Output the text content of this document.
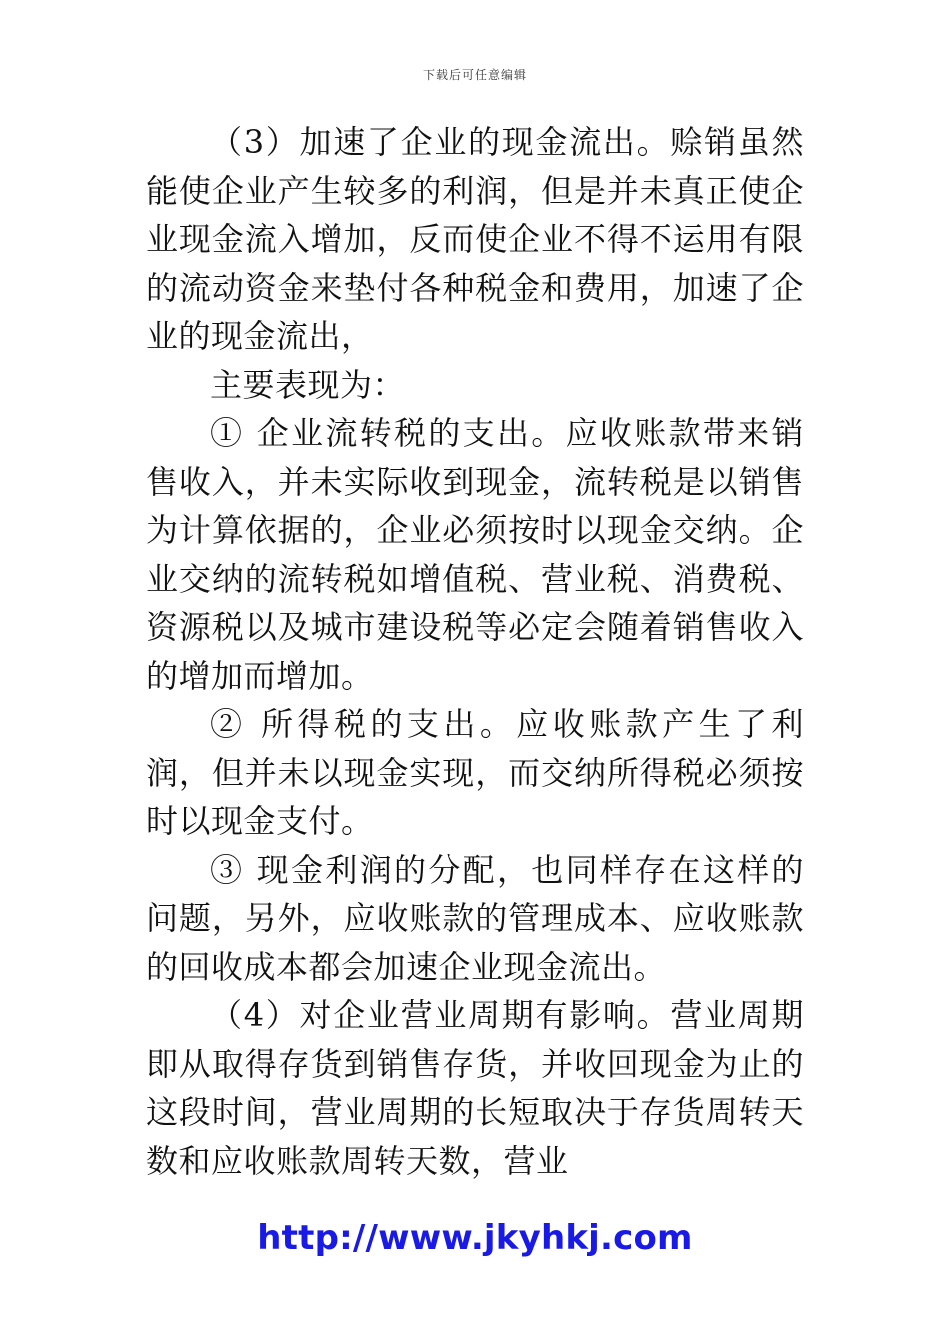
下载后可任意编辑

（3）加速了企业的现金流出。赊销虽然能使企业产生较多的利润，但是并未真正使企业现金流入增加，反而使企业不得不运用有限的流动资金来垫付各种税金和费用，加速了企业的现金流出，

主要表现为：

① 企业流转税的支出。应收账款带来销售收入，并未实际收到现金，流转税是以销售为计算依据的，企业必须按时以现金交纳。企业交纳的流转税如增值税、营业税、消费税、资源税以及城市建设税等必定会随着销售收入的增加而增加。

② 所得税的支出。应收账款产生了利润，但并未以现金实现，而交纳所得税必须按时以现金支付。

③ 现金利润的分配，也同样存在这样的问题，另外，应收账款的管理成本、应收账款的回收成本都会加速企业现金流出。

（4）对企业营业周期有影响。营业周期即从取得存货到销售存货，并收回现金为止的这段时间，营业周期的长短取决于存货周转天数和应收账款周转天数，营业

http://www.jkyhkj.com
